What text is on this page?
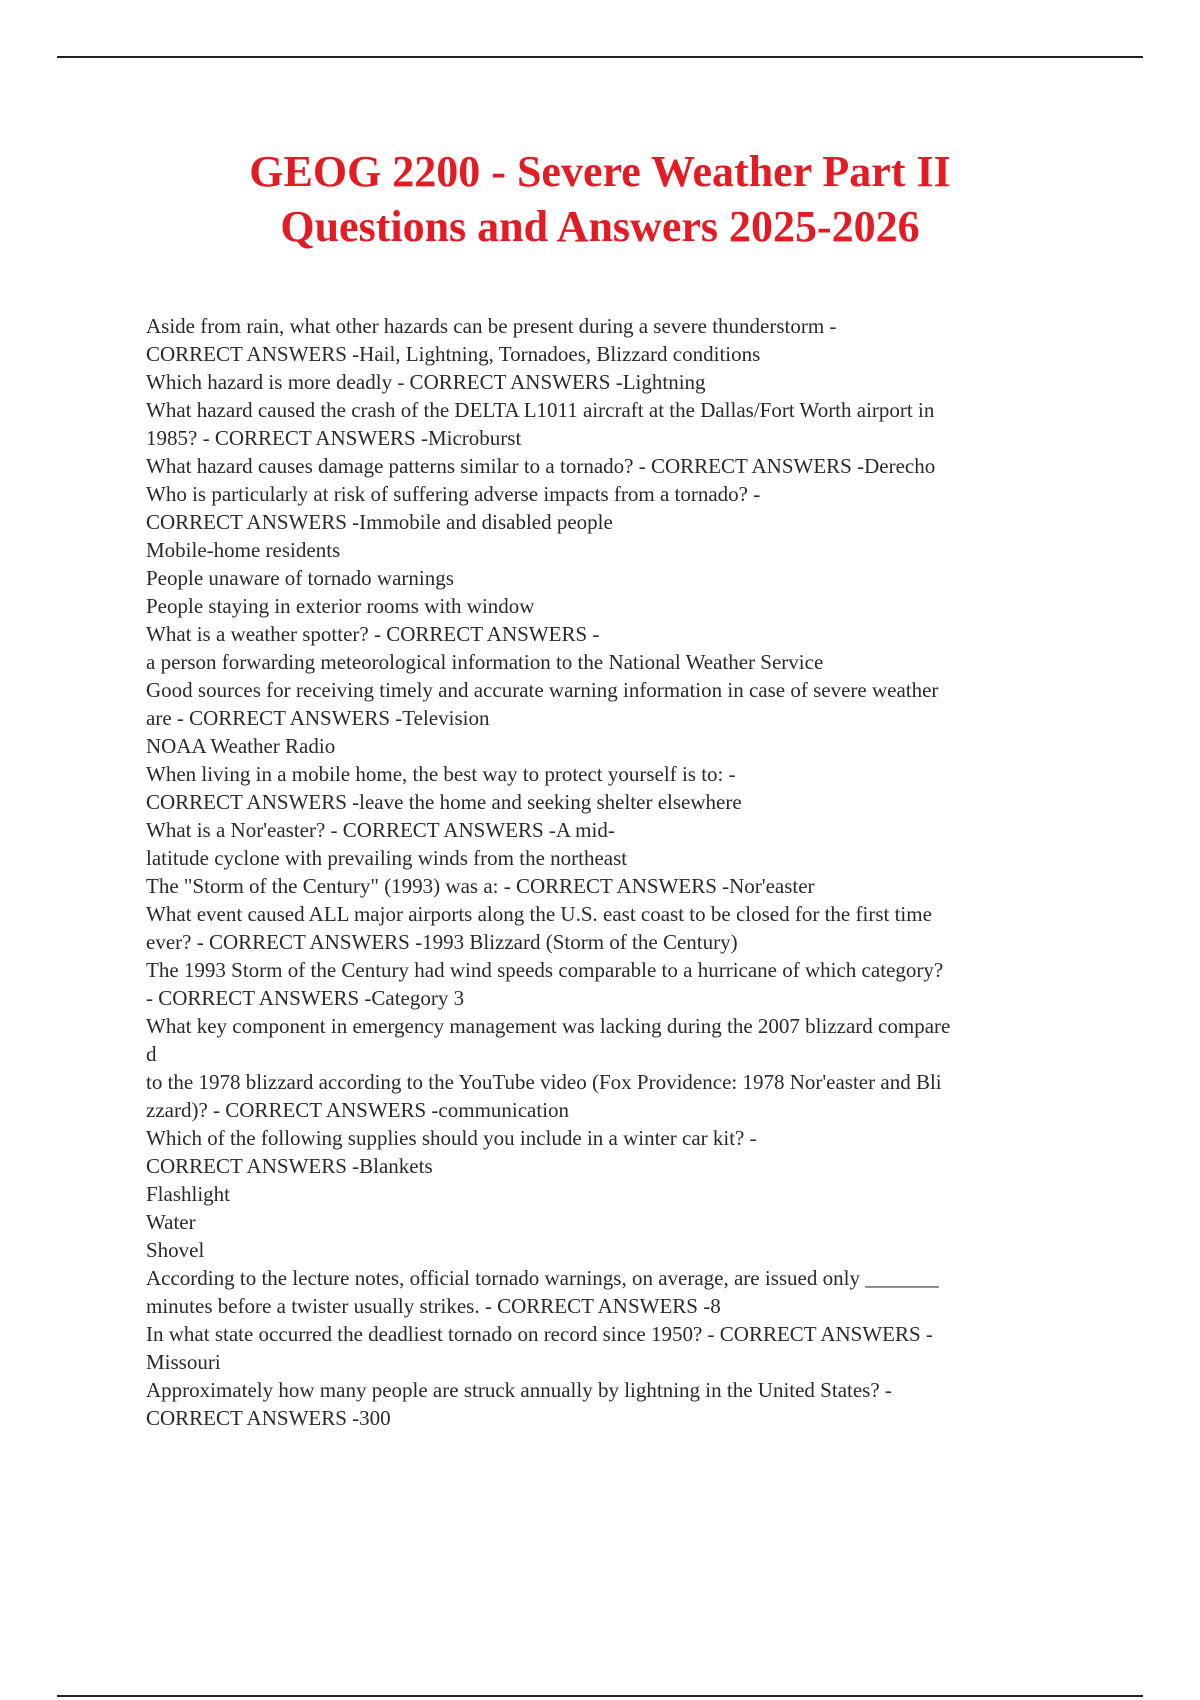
GEOG 2200 - Severe Weather Part II
Questions and Answers 2025-2026
Aside from rain, what other hazards can be present during a severe thunderstorm -
CORRECT ANSWERS -Hail, Lightning, Tornadoes, Blizzard conditions
Which hazard is more deadly - CORRECT ANSWERS -Lightning
What hazard caused the crash of the DELTA L1011 aircraft at the Dallas/Fort Worth airport in
1985? - CORRECT ANSWERS -Microburst
What hazard causes damage patterns similar to a tornado? - CORRECT ANSWERS -Derecho
Who is particularly at risk of suffering adverse impacts from a tornado? -
CORRECT ANSWERS -Immobile and disabled people
Mobile-home residents
People unaware of tornado warnings
People staying in exterior rooms with window
What is a weather spotter? - CORRECT ANSWERS -
a person forwarding meteorological information to the National Weather Service
Good sources for receiving timely and accurate warning information in case of severe weather
are - CORRECT ANSWERS -Television
NOAA Weather Radio
When living in a mobile home, the best way to protect yourself is to: -
CORRECT ANSWERS -leave the home and seeking shelter elsewhere
What is a Nor'easter? - CORRECT ANSWERS -A mid-
latitude cyclone with prevailing winds from the northeast
The "Storm of the Century" (1993) was a: - CORRECT ANSWERS -Nor'easter
What event caused ALL major airports along the U.S. east coast to be closed for the first time
ever? - CORRECT ANSWERS -1993 Blizzard (Storm of the Century)
The 1993 Storm of the Century had wind speeds comparable to a hurricane of which category?
- CORRECT ANSWERS -Category 3
What key component in emergency management was lacking during the 2007 blizzard compare
d
to the 1978 blizzard according to the YouTube video (Fox Providence: 1978 Nor'easter and Bli
zzard)? - CORRECT ANSWERS -communication
Which of the following supplies should you include in a winter car kit? -
CORRECT ANSWERS -Blankets
Flashlight
Water
Shovel
According to the lecture notes, official tornado warnings, on average, are issued only _______
minutes before a twister usually strikes. - CORRECT ANSWERS -8
In what state occurred the deadliest tornado on record since 1950? - CORRECT ANSWERS -
Missouri
Approximately how many people are struck annually by lightning in the United States? -
CORRECT ANSWERS -300
